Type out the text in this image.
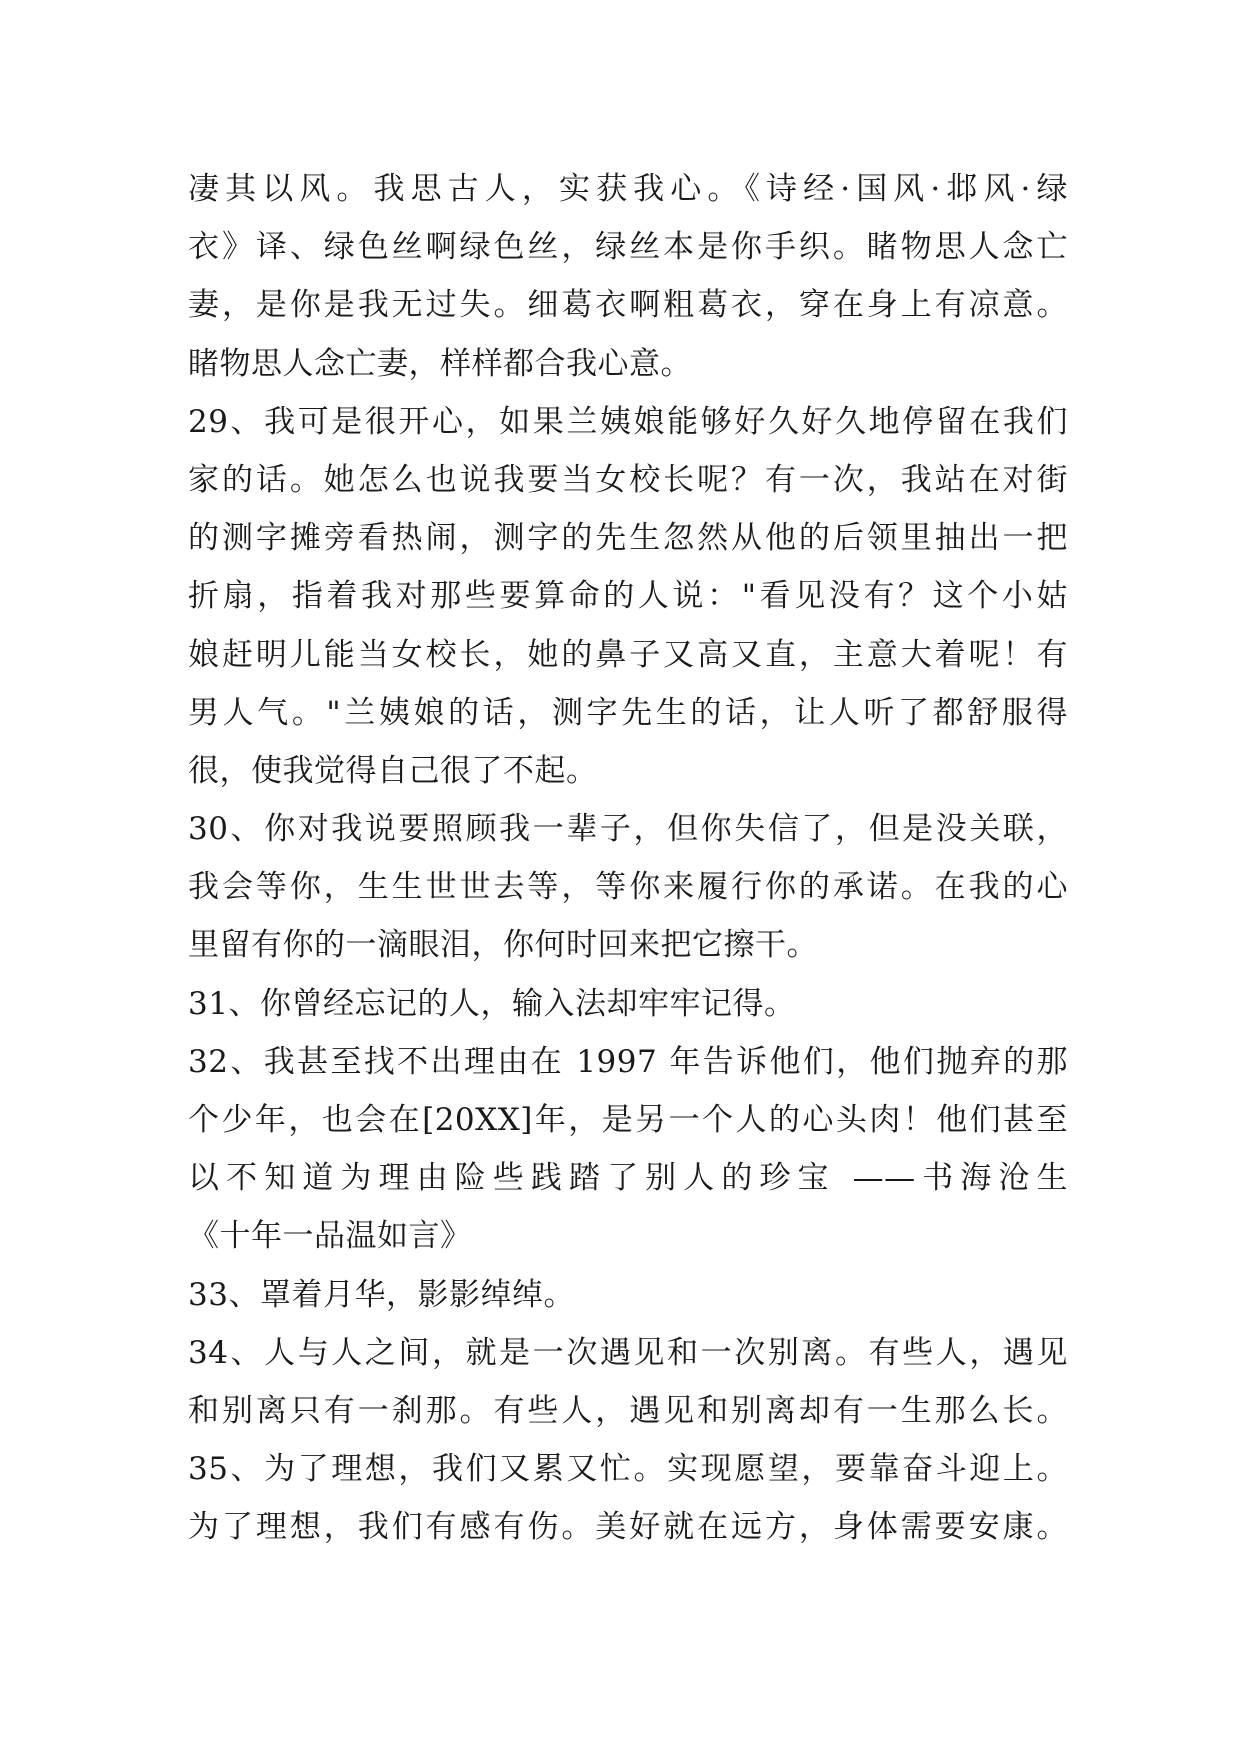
凄其以风。我思古人，实获我心。《诗经·国风·邶风·绿
衣》译、绿色丝啊绿色丝，绿丝本是你手织。睹物思人念亡
妻，是你是我无过失。细葛衣啊粗葛衣，穿在身上有凉意。
睹物思人念亡妻，样样都合我心意。
29、我可是很开心，如果兰姨娘能够好久好久地停留在我们
家的话。她怎么也说我要当女校长呢？有一次，我站在对街
的测字摊旁看热闹，测字的先生忽然从他的后领里抽出一把
折扇，指着我对那些要算命的人说："看见没有？这个小姑
娘赶明儿能当女校长，她的鼻子又高又直，主意大着呢！有
男人气。"兰姨娘的话，测字先生的话，让人听了都舒服得
很，使我觉得自己很了不起。
30、你对我说要照顾我一辈子，但你失信了，但是没关联，
我会等你，生生世世去等，等你来履行你的承诺。在我的心
里留有你的一滴眼泪，你何时回来把它擦干。
31、你曾经忘记的人，输入法却牢牢记得。
32、我甚至找不出理由在 1997 年告诉他们，他们抛弃的那
个少年，也会在[20XX]年，是另一个人的心头肉！他们甚至
以不知道为理由险些践踏了别人的珍宝 ——书海沧生
《十年一品温如言》
33、罩着月华，影影绰绰。
34、人与人之间，就是一次遇见和一次别离。有些人，遇见
和别离只有一刹那。有些人，遇见和别离却有一生那么长。
35、为了理想，我们又累又忙。实现愿望，要靠奋斗迎上。
为了理想，我们有感有伤。美好就在远方，身体需要安康。
